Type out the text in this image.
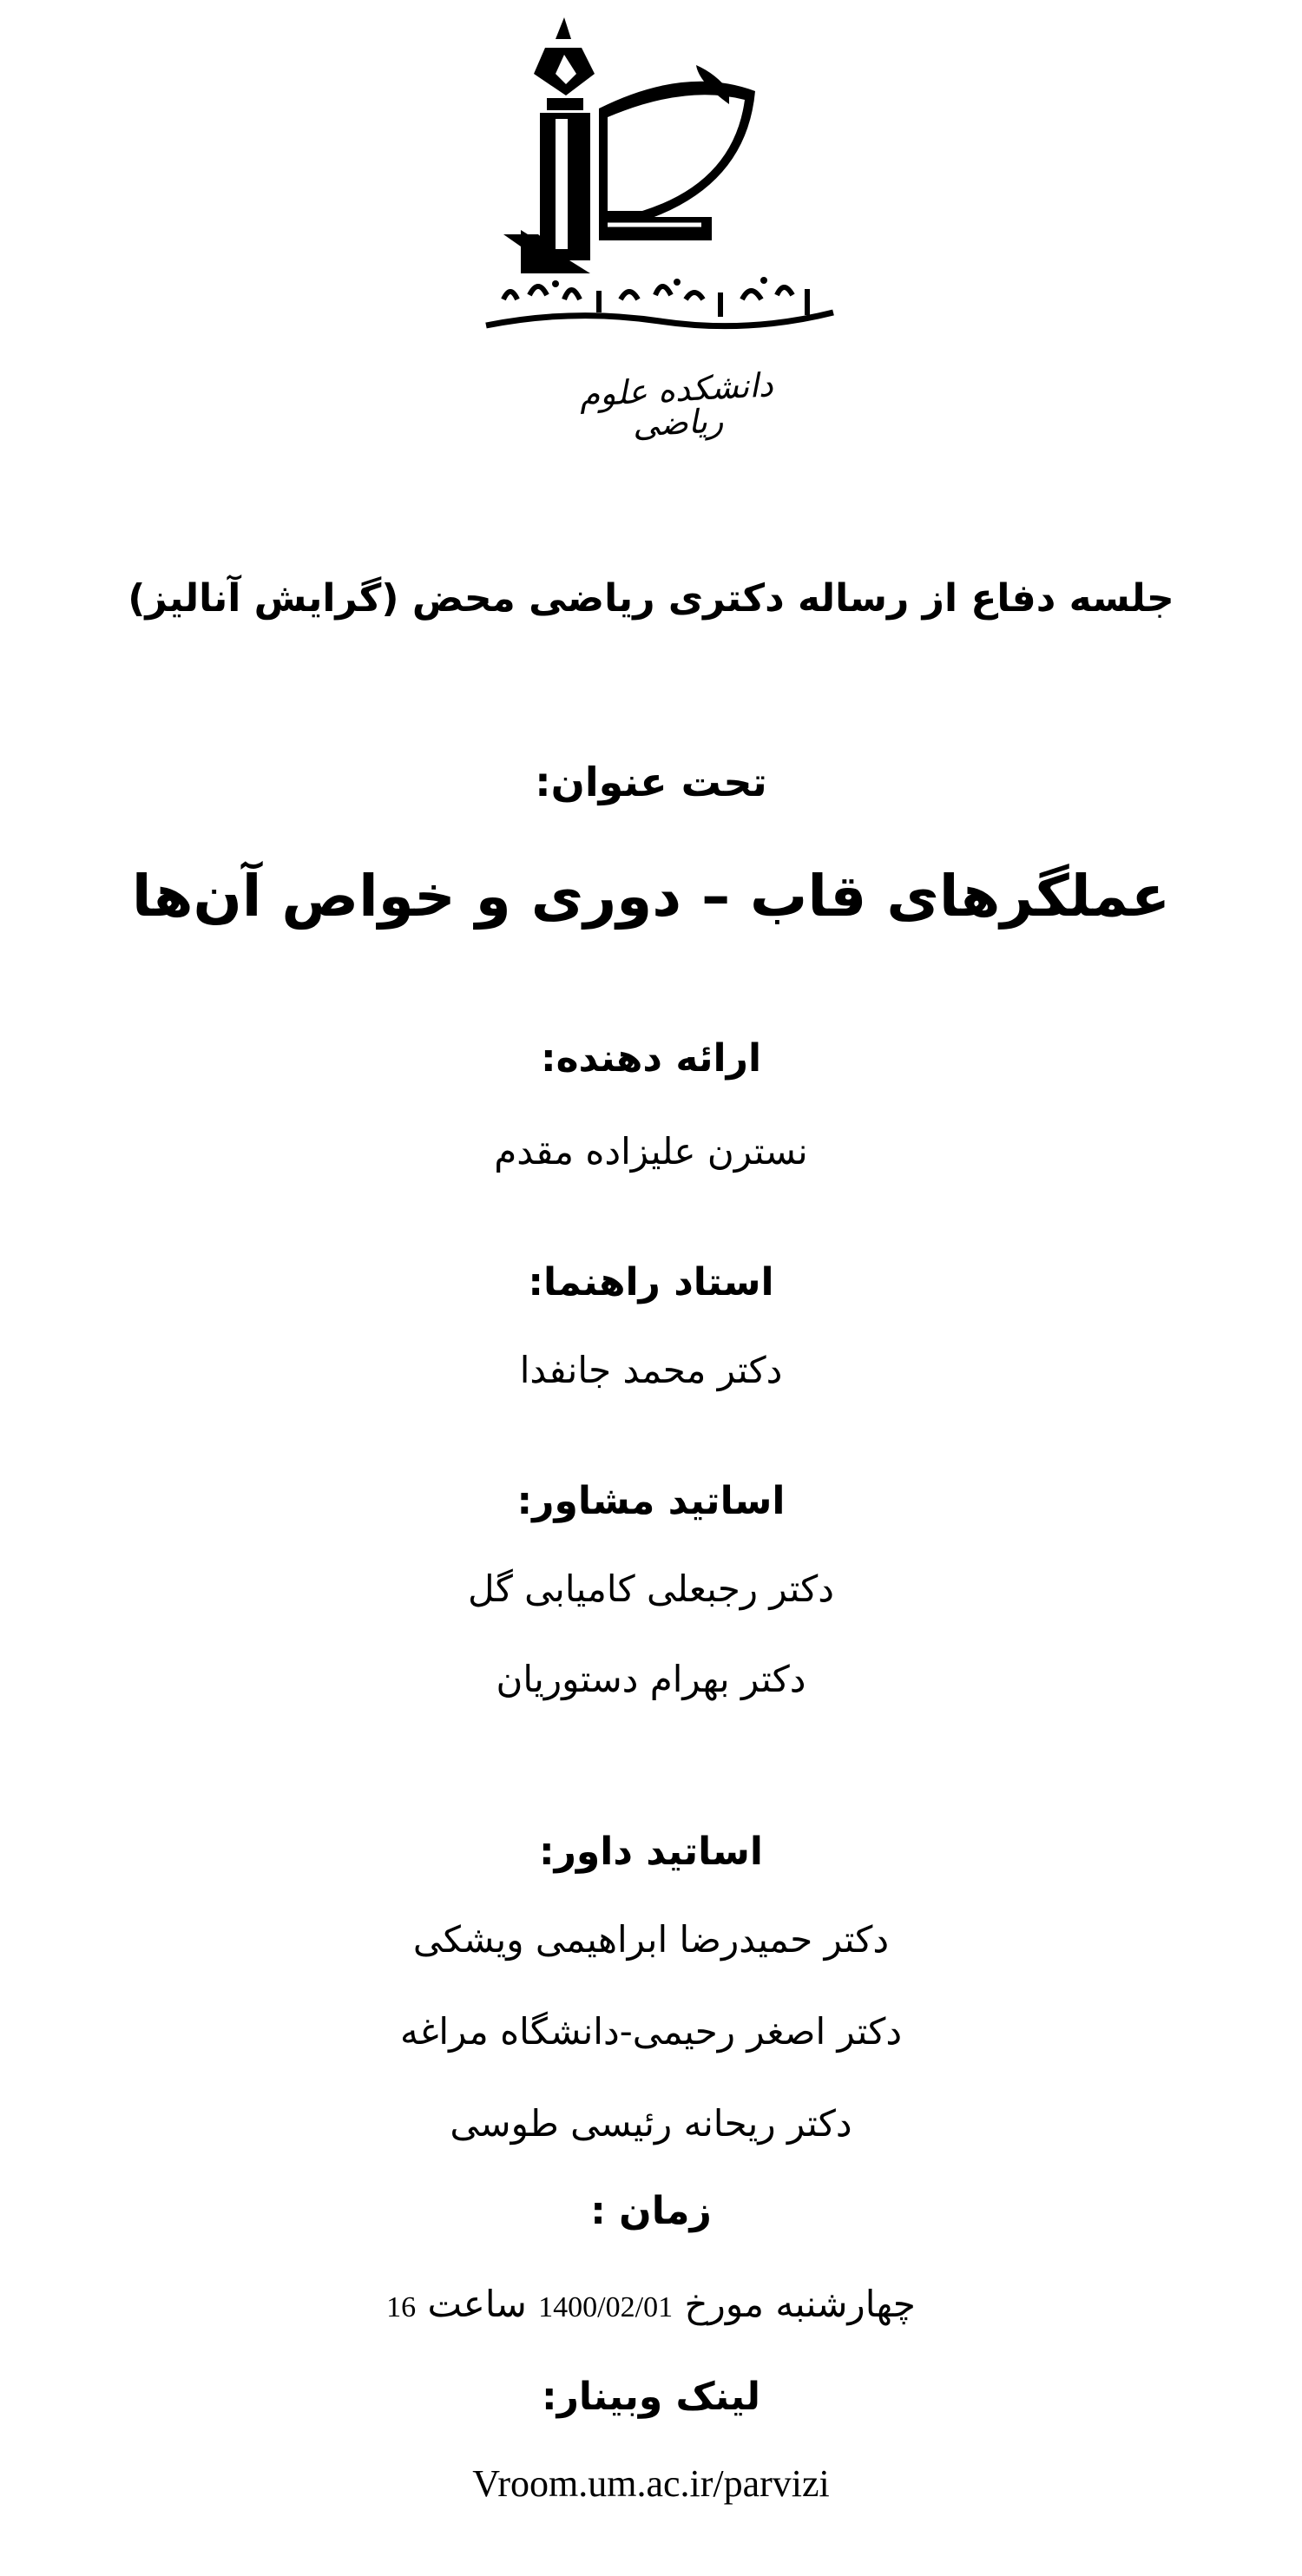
دانشکده علوم ریاضی
جلسه دفاع از رساله دکتری ریاضی محض (گرایش آنالیز)
تحت عنوان:
عملگرهای قاب – دوری و خواص آن‌ها
ارائه دهنده:
نسترن علیزاده مقدم
استاد راهنما:
دکتر محمد جانفدا
اساتید مشاور:
دکتر رجبعلی کامیابی گل
دکتر بهرام دستوریان
اساتید داور:
دکتر حمیدرضا ابراهیمی ویشکی
دکتر اصغر رحیمی-دانشگاه مراغه
دکتر ریحانه رئیسی طوسی
زمان :
چهارشنبه مورخ 1400/02/01 ساعت 16
لینک وبینار:
Vroom.um.ac.ir/parvizi
